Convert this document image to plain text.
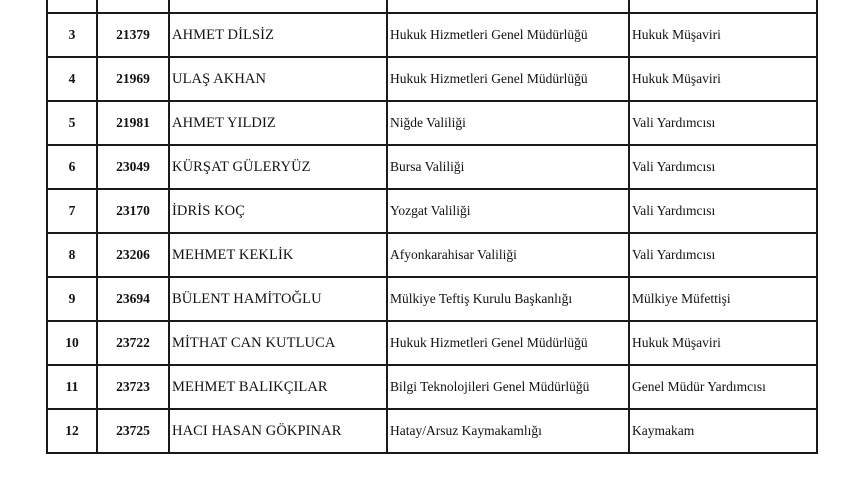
3	21379	AHMET DİLSİZ	Hukuk Hizmetleri Genel Müdürlüğü	Hukuk Müşaviri
4	21969	ULAŞ AKHAN	Hukuk Hizmetleri Genel Müdürlüğü	Hukuk Müşaviri
5	21981	AHMET YILDIZ	Niğde Valiliği	Vali Yardımcısı
6	23049	KÜRŞAT GÜLERYÜZ	Bursa Valiliği	Vali Yardımcısı
7	23170	İDRİS KOÇ	Yozgat Valiliği	Vali Yardımcısı
8	23206	MEHMET KEKLİK	Afyonkarahisar Valiliği	Vali Yardımcısı
9	23694	BÜLENT HAMİTOĞLU	Mülkiye Teftiş Kurulu Başkanlığı	Mülkiye Müfettişi
10	23722	MİTHAT CAN KUTLUCA	Hukuk Hizmetleri Genel Müdürlüğü	Hukuk Müşaviri
11	23723	MEHMET BALIKÇILAR	Bilgi Teknolojileri Genel Müdürlüğü	Genel Müdür Yardımcısı
12	23725	HACI HASAN GÖKPINAR	Hatay/Arsuz Kaymakamlığı	Kaymakam
